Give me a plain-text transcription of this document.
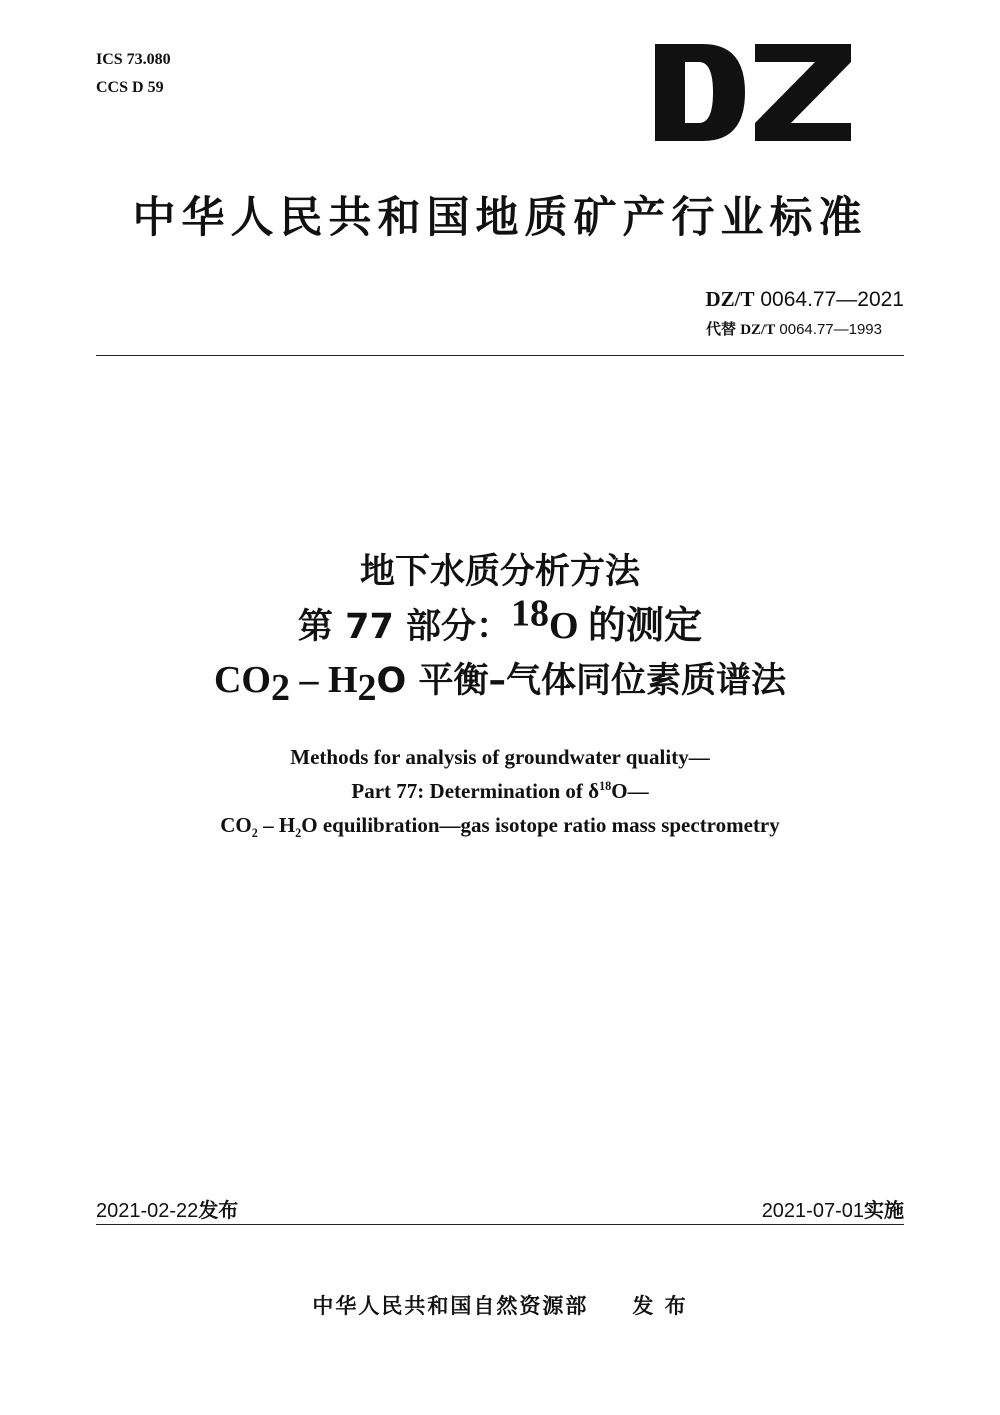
ICS 73.080
CCS D 59
中华人民共和国地质矿产行业标准
DZ/T 0064.77—2021
代替 DZ/T 0064.77—1993
地下水质分析方法
第 77 部分：$^{18}$O 的测定
$CO_2 - H_2O$ 平衡–气体同位素质谱法
Methods for analysis of groundwater quality—
Part 77: Determination of $\delta^{18}O—$
$CO_2 - H_2O$ equilibration—gas isotope ratio mass spectrometry
2021-02-22发布	2021-07-01实施
中华人民共和国自然资源部 发 布
